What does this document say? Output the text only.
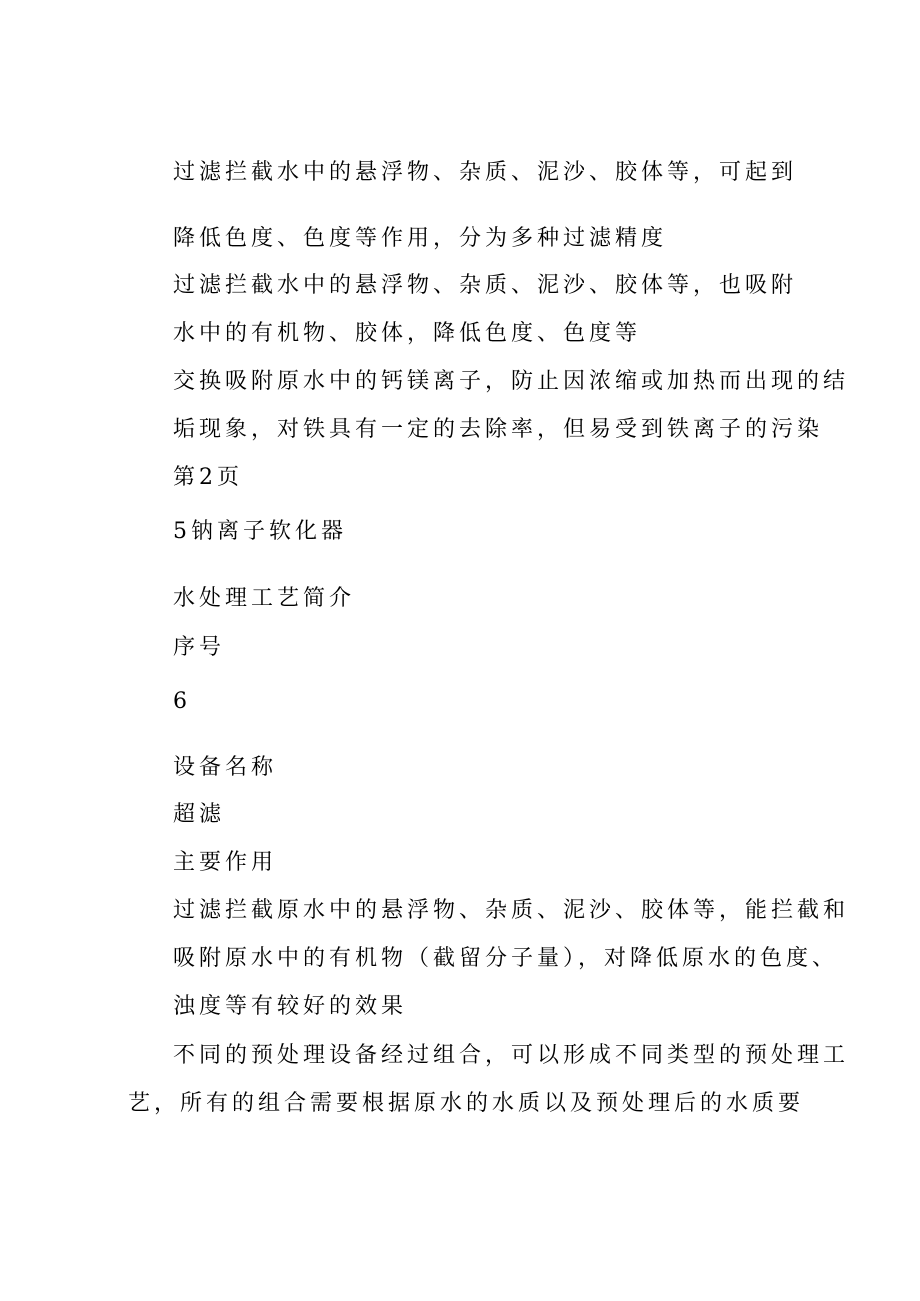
过滤拦截水中的悬浮物、杂质、泥沙、胶体等，可起到
降低色度、色度等作用，分为多种过滤精度
过滤拦截水中的悬浮物、杂质、泥沙、胶体等，也吸附
水中的有机物、胶体，降低色度、色度等
交换吸附原水中的钙镁离子，防止因浓缩或加热而出现的结
垢现象，对铁具有一定的去除率，但易受到铁离子的污染
第2页
5钠离子软化器
水处理工艺简介
序号
6
设备名称
超滤
主要作用
过滤拦截原水中的悬浮物、杂质、泥沙、胶体等，能拦截和
吸附原水中的有机物（截留分子量），对降低原水的色度、
浊度等有较好的效果
不同的预处理设备经过组合，可以形成不同类型的预处理工
艺，所有的组合需要根据原水的水质以及预处理后的水质要
